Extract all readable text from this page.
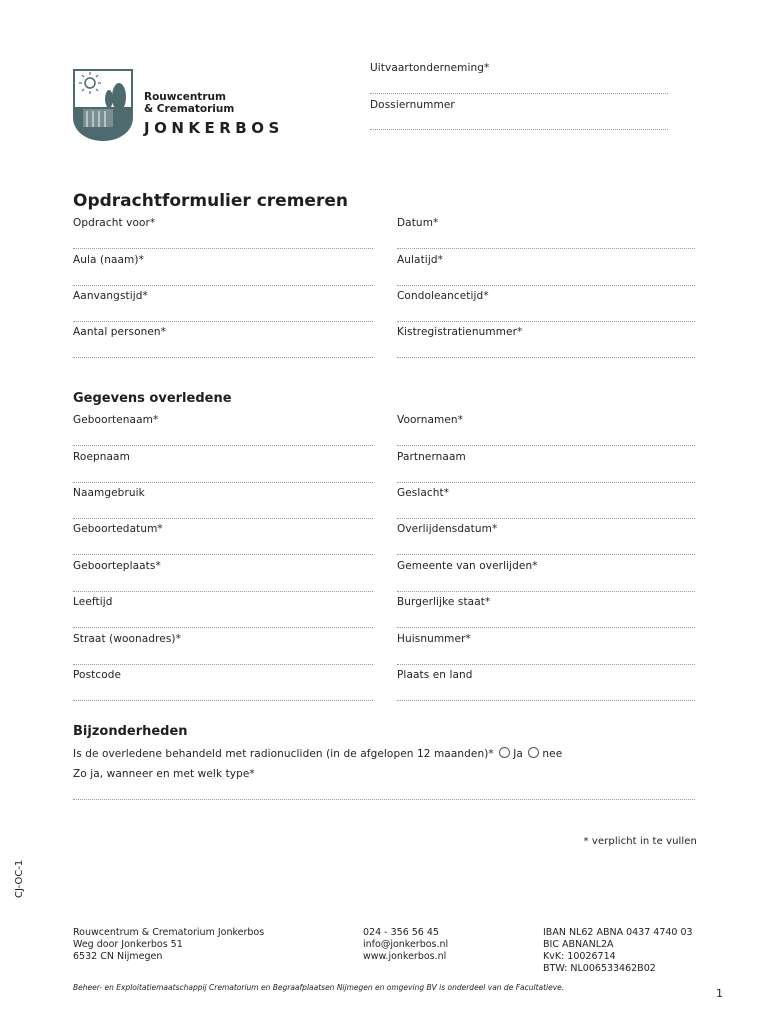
Rouwcentrum
& Crematorium
JONKERBOS
Uitvaartonderneming*
Dossiernummer
Opdrachtformulier cremeren
Opdracht voor*	Datum*
Aula (naam)*	Aulatijd*
Aanvangstijd*	Condoleancetijd*
Aantal personen*	Kistregistratienummer*
Gegevens overledene
Geboortenaam*	Voornamen*
Roepnaam	Partnernaam
Naamgebruik	Geslacht*
Geboortedatum*	Overlijdensdatum*
Geboorteplaats*	Gemeente van overlijden*
Leeftijd	Burgerlijke staat*
Straat (woonadres)*	Huisnummer*
Postcode	Plaats en land
Bijzonderheden
Is de overledene behandeld met radionucliden (in de afgelopen 12 maanden)* Ja nee
Zo ja, wanneer en met welk type*
* verplicht in te vullen
CJ-OC-1
Rouwcentrum & Crematorium Jonkerbos
Weg door Jonkerbos 51
6532 CN Nijmegen
024 - 356 56 45
info@jonkerbos.nl
www.jonkerbos.nl
IBAN NL62 ABNA 0437 4740 03
BIC ABNANL2A
KvK: 10026714
BTW: NL006533462B02
Beheer- en Exploitatiemaatschappij Crematorium en Begraafplaatsen Nijmegen en omgeving BV is onderdeel van de Facultatieve.	1
